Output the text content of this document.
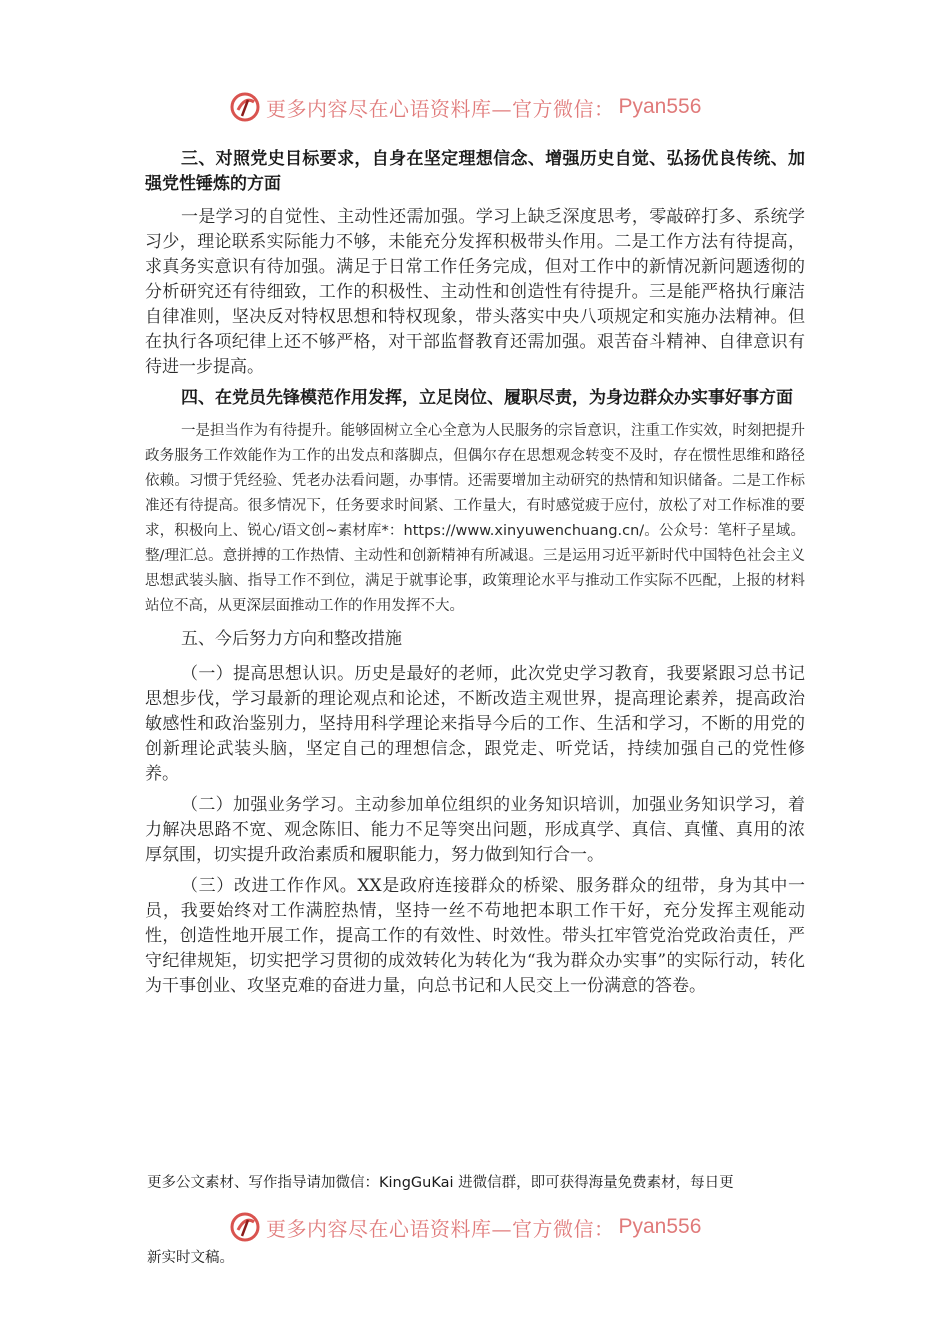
更多内容尽在心语资料库—官方微信： Pyan556

三、对照党史目标要求，自身在坚定理想信念、增强历史自觉、弘扬优良传统、加强党性锤炼的方面

一是学习的自觉性、主动性还需加强。学习上缺乏深度思考，零敲碎打多、系统学习少，理论联系实际能力不够，未能充分发挥积极带头作用。二是工作方法有待提高，求真务实意识有待加强。满足于日常工作任务完成，但对工作中的新情况新问题透彻的分析研究还有待细致，工作的积极性、主动性和创造性有待提升。三是能严格执行廉洁自律准则，坚决反对特权思想和特权现象，带头落实中央八项规定和实施办法精神。但在执行各项纪律上还不够严格，对干部监督教育还需加强。艰苦奋斗精神、自律意识有待进一步提高。

四、在党员先锋模范作用发挥，立足岗位、履职尽责，为身边群众办实事好事方面

一是担当作为有待提升。能够固树立全心全意为人民服务的宗旨意识，注重工作实效，时刻把提升政务服务工作效能作为工作的出发点和落脚点，但偶尔存在思想观念转变不及时，存在惯性思维和路径依赖。习惯于凭经验、凭老办法看问题，办事情。还需要增加主动研究的热情和知识储备。二是工作标准还有待提高。很多情况下，任务要求时间紧、工作量大，有时感觉疲于应付，放松了对工作标准的要求，积极向上、锐心/语文创~素材库*：https://www.xinyuwenchuang.cn/。公众号：笔杆子星域。整/理汇总。意拼搏的工作热情、主动性和创新精神有所减退。三是运用习近平新时代中国特色社会主义思想武装头脑、指导工作不到位，满足于就事论事，政策理论水平与推动工作实际不匹配，上报的材料站位不高，从更深层面推动工作的作用发挥不大。

五、今后努力方向和整改措施

（一）提高思想认识。历史是最好的老师，此次党史学习教育，我要紧跟习总书记思想步伐，学习最新的理论观点和论述，不断改造主观世界，提高理论素养，提高政治敏感性和政治鉴别力，坚持用科学理论来指导今后的工作、生活和学习，不断的用党的创新理论武装头脑，坚定自己的理想信念，跟党走、听党话，持续加强自己的党性修养。

（二）加强业务学习。主动参加单位组织的业务知识培训，加强业务知识学习，着力解决思路不宽、观念陈旧、能力不足等突出问题，形成真学、真信、真懂、真用的浓厚氛围，切实提升政治素质和履职能力，努力做到知行合一。

（三）改进工作作风。XX是政府连接群众的桥梁、服务群众的纽带，身为其中一员，我要始终对工作满腔热情，坚持一丝不苟地把本职工作干好，充分发挥主观能动性，创造性地开展工作，提高工作的有效性、时效性。带头扛牢管党治党政治责任，严守纪律规矩，切实把学习贯彻的成效转化为转化为“我为群众办实事”的实际行动，转化为干事创业、攻坚克难的奋进力量，向总书记和人民交上一份满意的答卷。

更多公文素材、写作指导请加微信：KingGuKai 进微信群，即可获得海量免费素材，每日更
更多内容尽在心语资料库—官方微信： Pyan556
新实时文稿。
